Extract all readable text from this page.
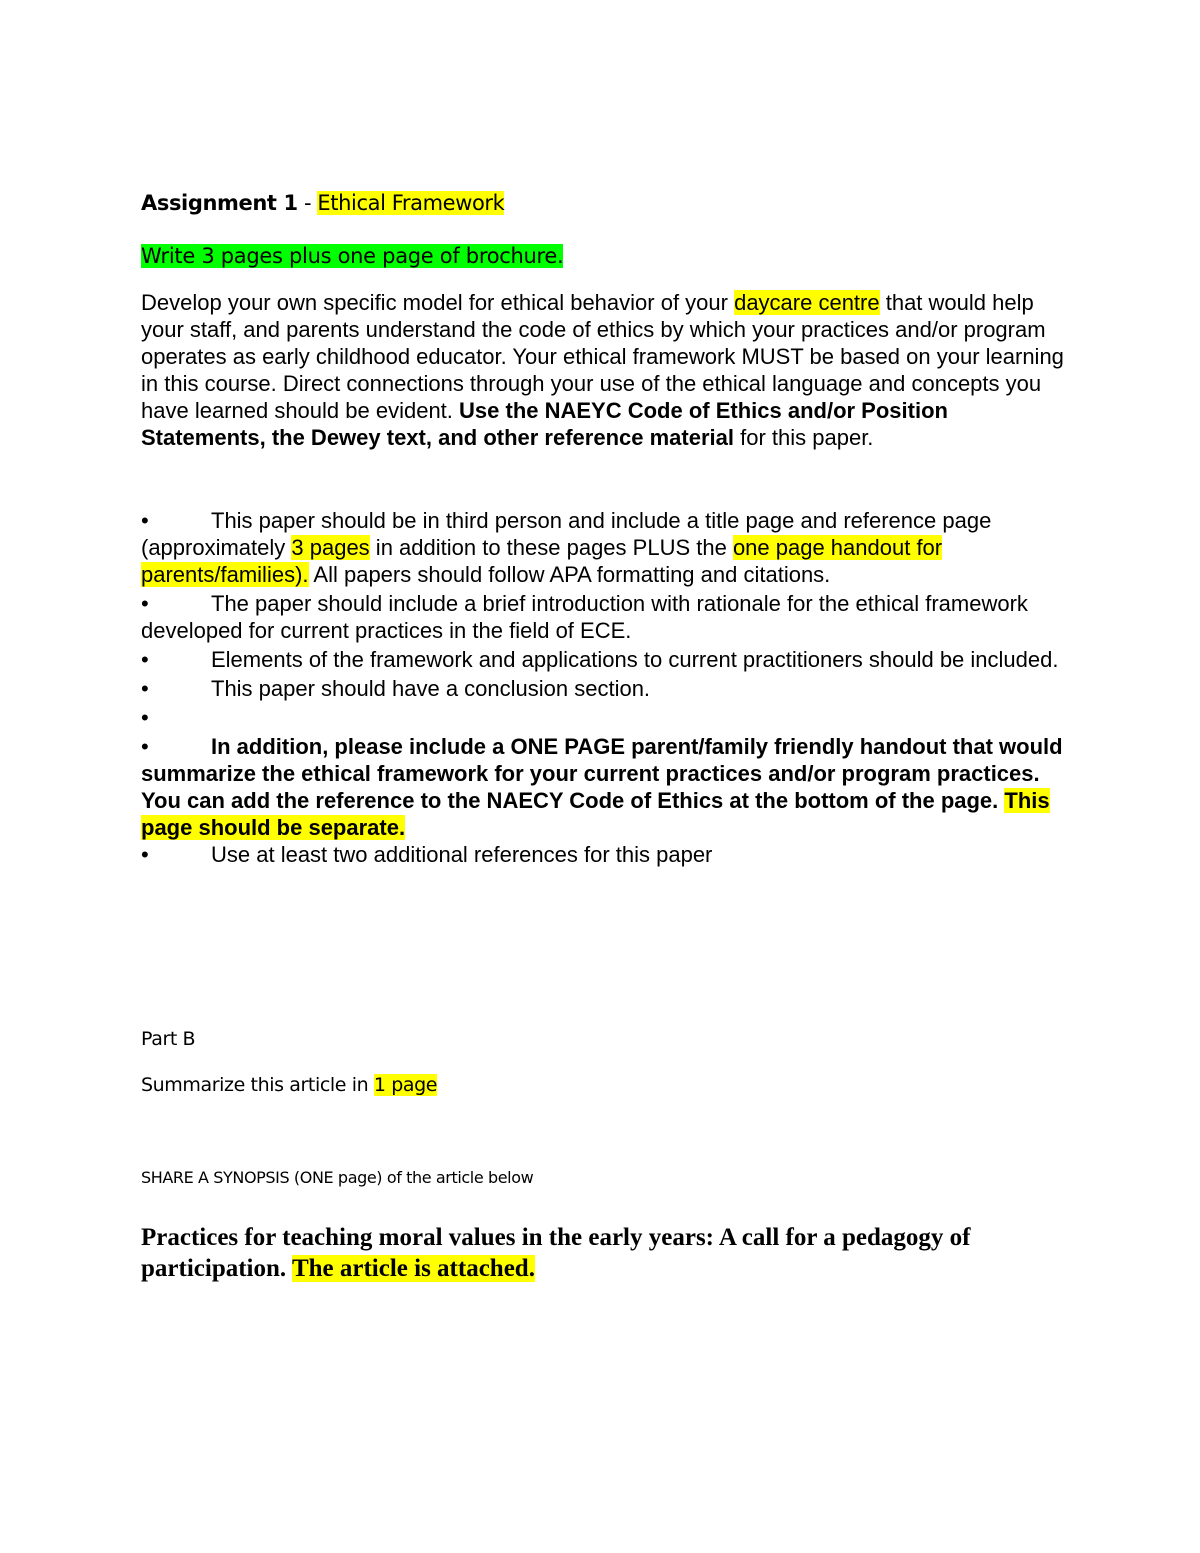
Assignment 1 - Ethical Framework
Write 3 pages plus one page of brochure.
Develop your own specific model for ethical behavior of your daycare centre that would help your staff, and parents understand the code of ethics by which your practices and/or program operates as early childhood educator. Your ethical framework MUST be based on your learning in this course. Direct connections through your use of the ethical language and concepts you have learned should be evident. Use the NAEYC Code of Ethics and/or Position Statements, the Dewey text, and other reference material for this paper.
•	This paper should be in third person and include a title page and reference page (approximately 3 pages in addition to these pages PLUS the one page handout for parents/families). All papers should follow APA formatting and citations.
•	The paper should include a brief introduction with rationale for the ethical framework developed for current practices in the field of ECE.
•	Elements of the framework and applications to current practitioners should be included.
•	This paper should have a conclusion section.
•
•	In addition, please include a ONE PAGE parent/family friendly handout that would summarize the ethical framework for your current practices and/or program practices. You can add the reference to the NAECY Code of Ethics at the bottom of the page. This page should be separate.
•	Use at least two additional references for this paper
Part B
Summarize this article in 1 page
SHARE A SYNOPSIS (ONE page) of the article below
Practices for teaching moral values in the early years: A call for a pedagogy of participation. The article is attached.
